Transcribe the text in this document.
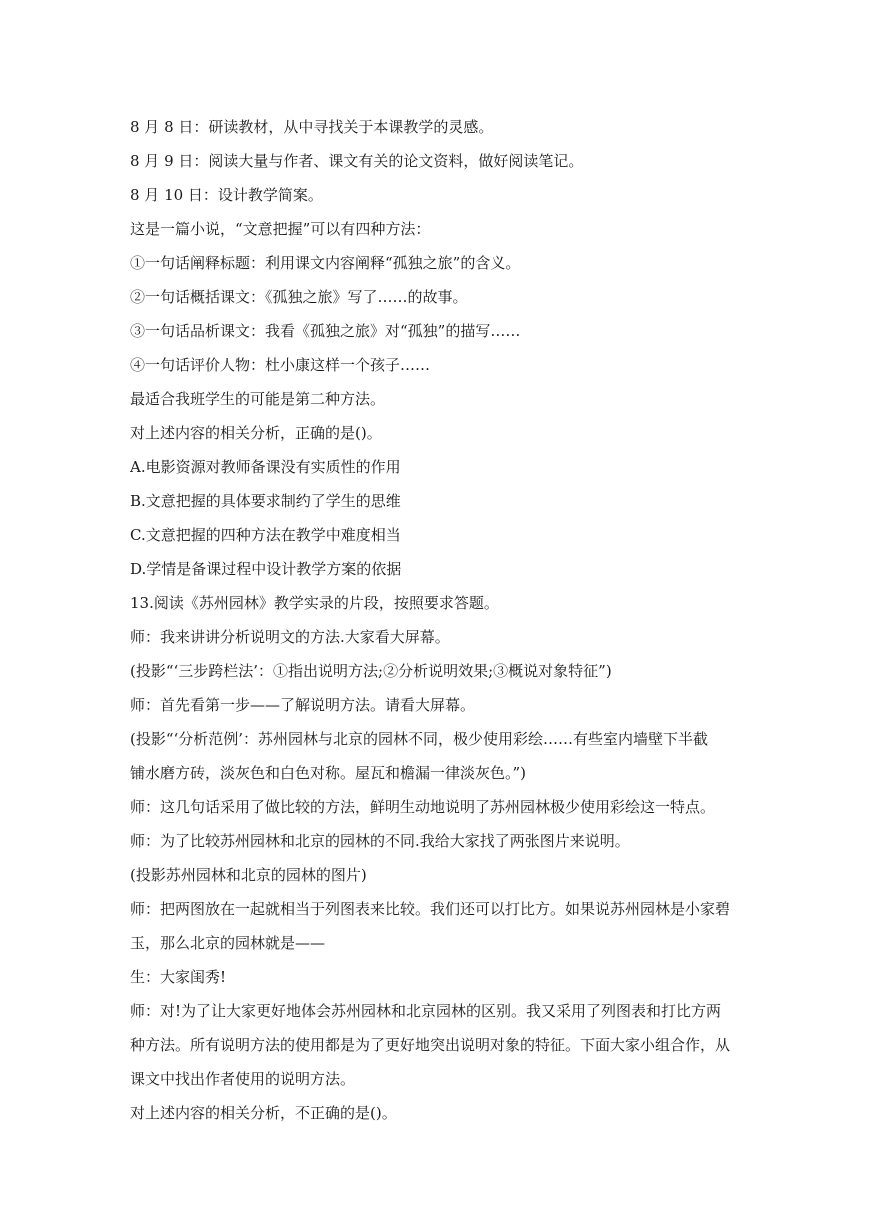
8 月 8 日：研读教材，从中寻找关于本课教学的灵感。
8 月 9 日：阅读大量与作者、课文有关的论文资料，做好阅读笔记。
8 月 10 日：设计教学简案。
这是一篇小说，“文意把握”可以有四种方法：
①一句话阐释标题：利用课文内容阐释“孤独之旅”的含义。
②一句话概括课文：《孤独之旅》写了……的故事。
③一句话品析课文：我看《孤独之旅》对“孤独”的描写……
④一句话评价人物：杜小康这样一个孩子……
最适合我班学生的可能是第二种方法。
对上述内容的相关分析，正确的是()。
A.电影资源对教师备课没有实质性的作用
B.文意把握的具体要求制约了学生的思维
C.文意把握的四种方法在教学中难度相当
D.学情是备课过程中设计教学方案的依据
13.阅读《苏州园林》教学实录的片段，按照要求答题。
师：我来讲讲分析说明文的方法.大家看大屏幕。
(投影“‘三步跨栏法’：①指出说明方法;②分析说明效果;③概说对象特征”)
师：首先看第一步——了解说明方法。请看大屏幕。
(投影“‘分析范例’：苏州园林与北京的园林不同，极少使用彩绘……有些室内墙壁下半截
铺水磨方砖，淡灰色和白色对称。屋瓦和檐漏一律淡灰色。”)
师：这几句话采用了做比较的方法，鲜明生动地说明了苏州园林极少使用彩绘这一特点。
师：为了比较苏州园林和北京的园林的不同.我给大家找了两张图片来说明。
(投影苏州园林和北京的园林的图片)
师：把两图放在一起就相当于列图表来比较。我们还可以打比方。如果说苏州园林是小家碧
玉，那么北京的园林就是——
生：大家闺秀!
师：对!为了让大家更好地体会苏州园林和北京园林的区别。我又采用了列图表和打比方两
种方法。所有说明方法的使用都是为了更好地突出说明对象的特征。下面大家小组合作，从
课文中找出作者使用的说明方法。
对上述内容的相关分析，不正确的是()。
